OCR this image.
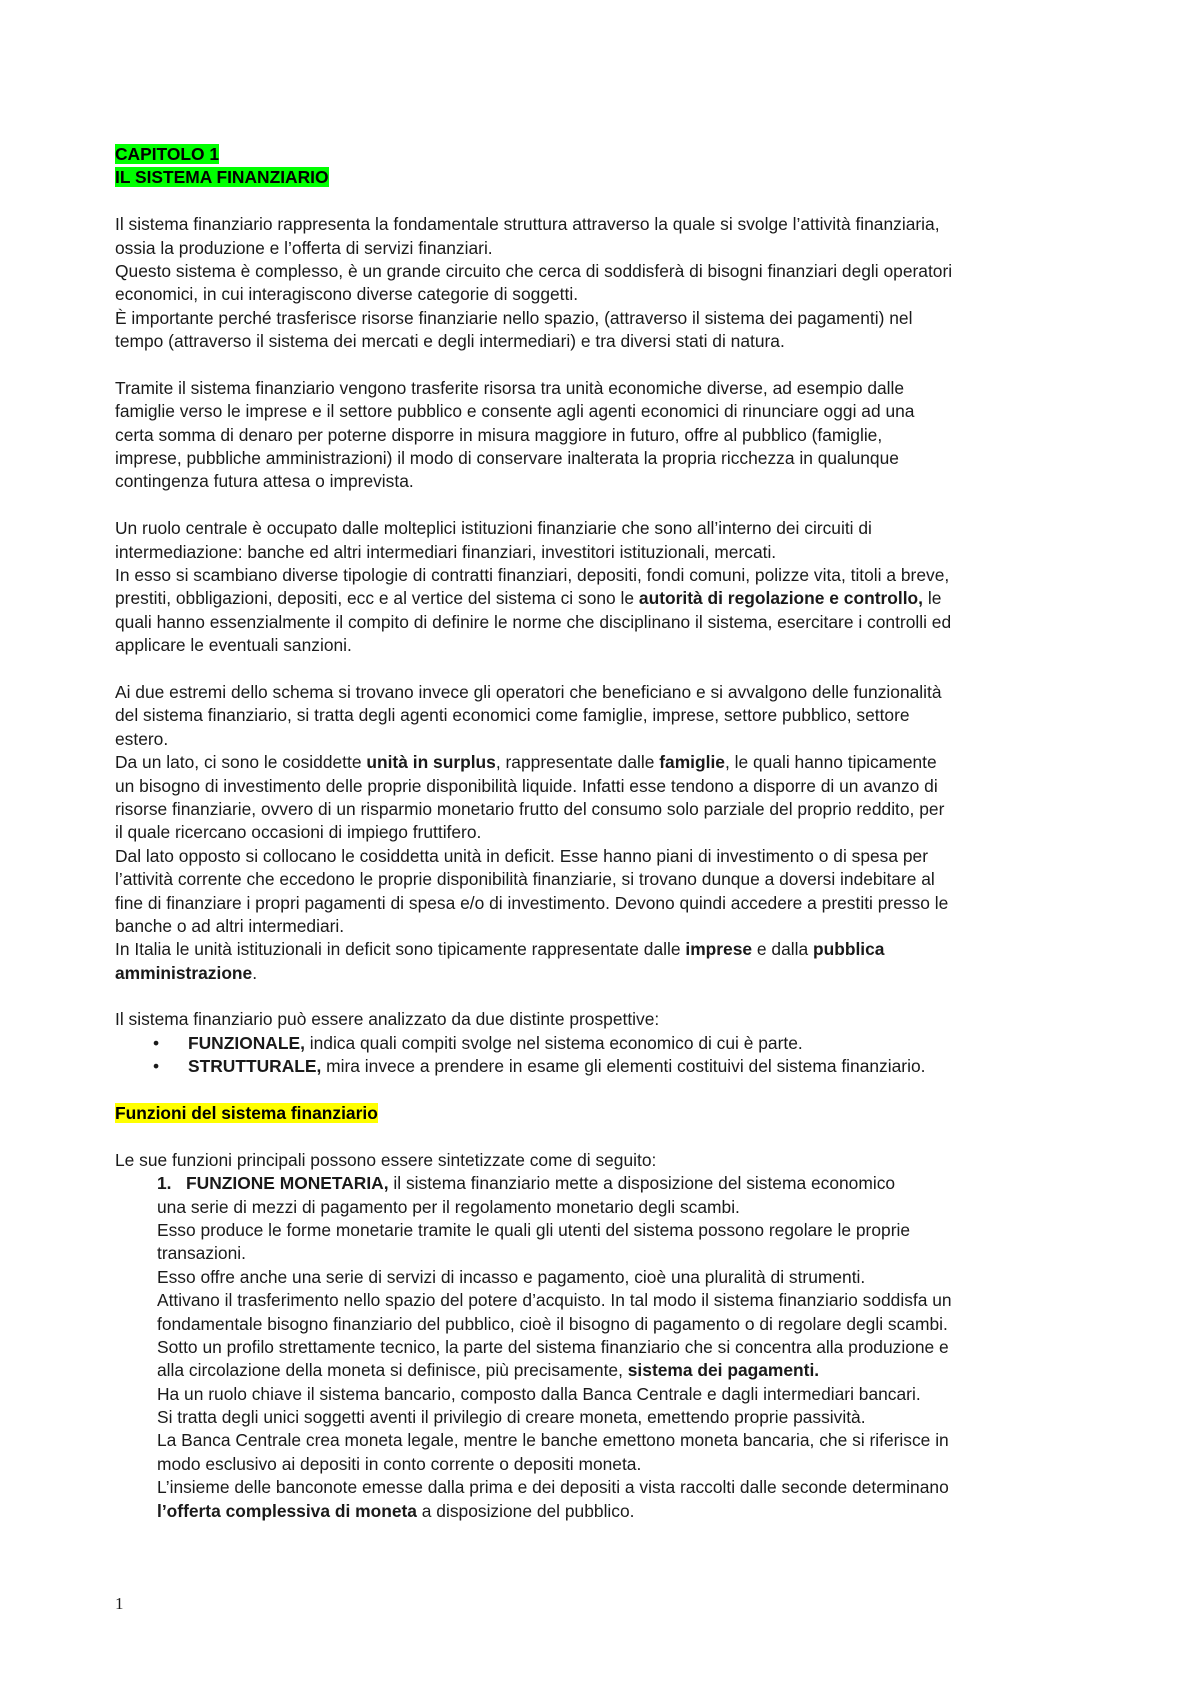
CAPITOLO 1
IL SISTEMA FINANZIARIO
Il sistema finanziario rappresenta la fondamentale struttura attraverso la quale si svolge l’attività finanziaria,
ossia la produzione e l’offerta di servizi finanziari.
Questo sistema è complesso, è un grande circuito che cerca di soddisferà di bisogni finanziari degli operatori
economici, in cui interagiscono diverse categorie di soggetti.
È importante perché trasferisce risorse finanziarie nello spazio, (attraverso il sistema dei pagamenti) nel
tempo (attraverso il sistema dei mercati e degli intermediari) e tra diversi stati di natura.
Tramite il sistema finanziario vengono trasferite risorsa tra unità economiche diverse, ad esempio dalle
famiglie verso le imprese e il settore pubblico e consente agli agenti economici di rinunciare oggi ad una
certa somma di denaro per poterne disporre in misura maggiore in futuro, offre al pubblico (famiglie,
imprese, pubbliche amministrazioni) il modo di conservare inalterata la propria ricchezza in qualunque
contingenza futura attesa o imprevista.
Un ruolo centrale è occupato dalle molteplici istituzioni finanziarie che sono all’interno dei circuiti di
intermediazione: banche ed altri intermediari finanziari, investitori istituzionali, mercati.
In esso si scambiano diverse tipologie di contratti finanziari, depositi, fondi comuni, polizze vita, titoli a breve,
prestiti, obbligazioni, depositi, ecc e al vertice del sistema ci sono le autorità di regolazione e controllo, le
quali hanno essenzialmente il compito di definire le norme che disciplinano il sistema, esercitare i controlli ed
applicare le eventuali sanzioni.
Ai due estremi dello schema si trovano invece gli operatori che beneficiano e si avvalgono delle funzionalità
del sistema finanziario, si tratta degli agenti economici come famiglie, imprese, settore pubblico, settore
estero.
Da un lato, ci sono le cosiddette unità in surplus, rappresentate dalle famiglie, le quali hanno tipicamente
un bisogno di investimento delle proprie disponibilità liquide. Infatti esse tendono a disporre di un avanzo di
risorse finanziarie, ovvero di un risparmio monetario frutto del consumo solo parziale del proprio reddito, per
il quale ricercano occasioni di impiego fruttifero.
Dal lato opposto si collocano le cosiddetta unità in deficit. Esse hanno piani di investimento o di spesa per
l’attività corrente che eccedono le proprie disponibilità finanziarie, si trovano dunque a doversi indebitare al
fine di finanziare i propri pagamenti di spesa e/o di investimento. Devono quindi accedere a prestiti presso le
banche o ad altri intermediari.
In Italia le unità istituzionali in deficit sono tipicamente rappresentate dalle imprese e dalla pubblica
amministrazione.
Il sistema finanziario può essere analizzato da due distinte prospettive:
• FUNZIONALE, indica quali compiti svolge nel sistema economico di cui è parte.
• STRUTTURALE, mira invece a prendere in esame gli elementi costituivi del sistema finanziario.
Funzioni del sistema finanziario
Le sue funzioni principali possono essere sintetizzate come di seguito:
1. FUNZIONE MONETARIA, il sistema finanziario mette a disposizione del sistema economico
una serie di mezzi di pagamento per il regolamento monetario degli scambi.
Esso produce le forme monetarie tramite le quali gli utenti del sistema possono regolare le proprie
transazioni.
Esso offre anche una serie di servizi di incasso e pagamento, cioè una pluralità di strumenti.
Attivano il trasferimento nello spazio del potere d’acquisto. In tal modo il sistema finanziario soddisfa un
fondamentale bisogno finanziario del pubblico, cioè il bisogno di pagamento o di regolare degli scambi.
Sotto un profilo strettamente tecnico, la parte del sistema finanziario che si concentra alla produzione e
alla circolazione della moneta si definisce, più precisamente, sistema dei pagamenti.
Ha un ruolo chiave il sistema bancario, composto dalla Banca Centrale e dagli intermediari bancari.
Si tratta degli unici soggetti aventi il privilegio di creare moneta, emettendo proprie passività.
La Banca Centrale crea moneta legale, mentre le banche emettono moneta bancaria, che si riferisce in
modo esclusivo ai depositi in conto corrente o depositi moneta.
L’insieme delle banconote emesse dalla prima e dei depositi a vista raccolti dalle seconde determinano
l’offerta complessiva di moneta a disposizione del pubblico.
1
